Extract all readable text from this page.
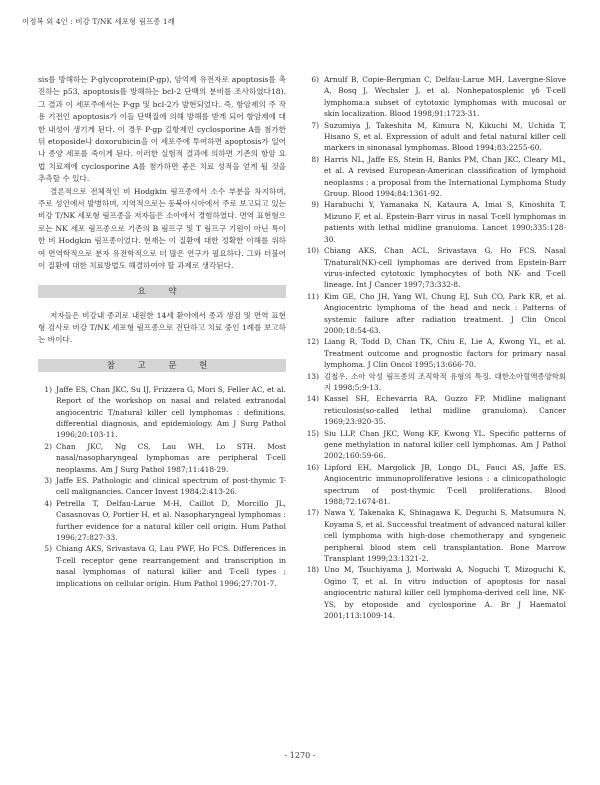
이정복 외 4인 : 비강 T/NK 세포형 림프종 1례

sis를 방해하는 P-glycoprotein(P-gp), 암억제 유전자로 apoptosis를 촉진하는 p53, apoptosis를 방해하는 bcl-2 단백의 분비를 조사하였다18). 그 결과 이 세포주에서는 P-gp 및 bcl-2가 발현되었다. 즉, 항암제의 주 작용 기전인 apoptosis가 이들 단백질에 의해 방해를 받게 되어 항암제에 대한 내성이 생기게 된다. 이 경우 P-gp 길항제인 cyclosporine A를 첨가한 뒤 etoposide나 doxorubicin을 이 세포주에 투여하면 apoptosis가 일어나 종양 세포를 죽이게 된다. 이러한 실험적 결과에 의하면 기존의 항암 요법 치료제에 cyclosporine A를 첨가하면 좋은 치료 성적을 얻게 될 것을 추측할 수 있다.

결론적으로 전체적인 비 Hodgkin 림프종에서 소수 부분을 차지하며, 주로 성인에서 발병하며, 지역적으로는 동북아시아에서 주로 보고되고 있는 비강 T/NK 세포형 림프종을 저자들은 소아에서 경험하였다. 면역 표현형으로는 NK 세포 림프종으로 기존의 B 림프구 및 T 림프구 기원이 아닌 특이한 비 Hodgkin 림프종이었다. 현재는 이 질환에 대한 정확한 이해를 위하여 면역학적으로 분자 유전학적으로 더 많은 연구가 필요하다. 그와 더불어 이 질환에 대한 치료방법도 해결하여야 할 과제로 생각된다.

요 약

저자들은 비강내 종괴로 내원한 14세 환아에서 종괴 생검 및 면역 표현형 검사로 비강 T/NK 세포형 림프종으로 진단하고 치료 중인 1례를 보고하는 바이다.

참 고 문 헌
1) Jaffe ES, Chan JKC, Su IJ, Frizzera G, Mori S, Feller AC, et al. Report of the workshop on nasal and related extranodal angiocentric T/natural killer cell lymphomas : definitions, differential diagnosis, and epidemiology. Am J Surg Pathol 1996;20:103-11.
2) Chan JKC, Ng CS, Lau WH, Lo STH. Most nasal/nasopharyngeal lymphomas are peripheral T-cell neoplasms. Am J Surg Pathol 1987;11:418-29.
3) Jaffe ES. Pathologic and clinical spectrum of post-thymic T-cell malignancies. Cancer Invest 1984;2:413-26.
4) Petrella T, Delfau-Larue M-H, Caillot D, Morcillo JL, Casasnovas O, Portier H, et al. Nasopharyngeal lymphomas : further evidence for a natural killer cell origin. Hum Pathol 1996;27:827-33.
5) Chiang AKS, Srivastava G, Lau PWF, Ho FCS. Differences in T-cell receptor gene rearrangement and transcription in nasal lymphomas of natural killer and T-cell types : implications on cellular origin. Hum Pathol 1996;27:701-7.
6) Arnulf B, Copie-Bergman C, Delfau-Larue MH, Lavergne-Slove A, Bosq J, Wechsler J, et al. Nonhepatosplenic γδ T-cell lymphoma:a subset of cytotoxic lymphomas with mucosal or skin localization. Blood 1998;91:1723-31.
7) Suzumiya J, Takeshita M, Kimura N, Kikuchi M, Uchida T, Hisano S, et al. Expression of adult and fetal natural killer cell markers in sinonasal lymphomas. Blood 1994;83:2255-60.
8) Harris NL, Jaffe ES, Stein H, Banks PM, Chan JKC, Cleary ML, et al. A revised European-American classification of lymphoid neoplasms : a proposal from the International Lymphoma Study Group. Blood 1994;84:1361-92.
9) Harabuchi Y, Yamanaka N, Kataura A, Imai S, Kinoshita T, Mizuno F, et al. Epstein-Barr virus in nasal T-cell lymphomas in patients with lethal midline granuloma. Lancet 1990;335:128-30.
10) Chiang AKS, Chan ACL, Srivastava G, Ho FCS. Nasal T/natural(NK)-cell lymphomas are derived from Epstein-Barr virus-infected cytotoxic lymphocytes of both NK- and T-cell lineage. Int J Cancer 1997;73:332-8.
11) Kim GE, Cho JH, Yang WI, Chung EJ, Suh CO, Park KR, et al. Angiocentric lymphoma of the head and neck : Patterns of systemic failure after radiation treatment. J Clin Oncol 2000;18:54-63.
12) Liang R, Todd D, Chan TK, Chiu E, Lie A, Kwong YL, et al. Treatment outcome and prognostic factors for primary nasal lymphoma. J Clin Oncol 1995;13:666-70.
13) 김철우. 소아 악성 림프종의 조직학적 유형의 특징. 대한소아혈액종양학회지 1998;5:9-13.
14) Kassel SH, Echevarria RA, Guzzo FP. Midline malignant reticulosis(so-called lethal midline granuloma). Cancer 1969;23:920-35.
15) Siu LLP, Chan JKC, Wong KF, Kwong YL. Specific patterns of gene methylation in natural killer cell lymphomas. Am J Pathol 2002;160:59-66.
16) Lipford EH, Margolick JB, Longo DL, Fauci AS, Jaffe ES. Angiocentric immunoproliferative lesions : a clinicopathologic spectrum of post-thymic T-cell proliferations. Blood 1988;72:1674-81.
17) Nawa Y, Takenaka K, Shinagawa K, Deguchi S, Matsumura N, Koyama S, et al. Successful treatment of advanced natural killer cell lymphoma with high-dose chemotherapy and syngeneic peripheral blood stem cell transplantation. Bone Marrow Transplant 1999;23:1321-2.
18) Uno M, Tsuchiyama J, Moriwaki A, Noguchi T, Mizoguchi K, Ogino T, et al. In vitro induction of apoptosis for nasal angiocentric natural killer cell lymphoma-derived cell line, NK-YS, by etoposide and cyclosporine A. Br J Haematol 2001;113:1009-14.
- 1270 -
